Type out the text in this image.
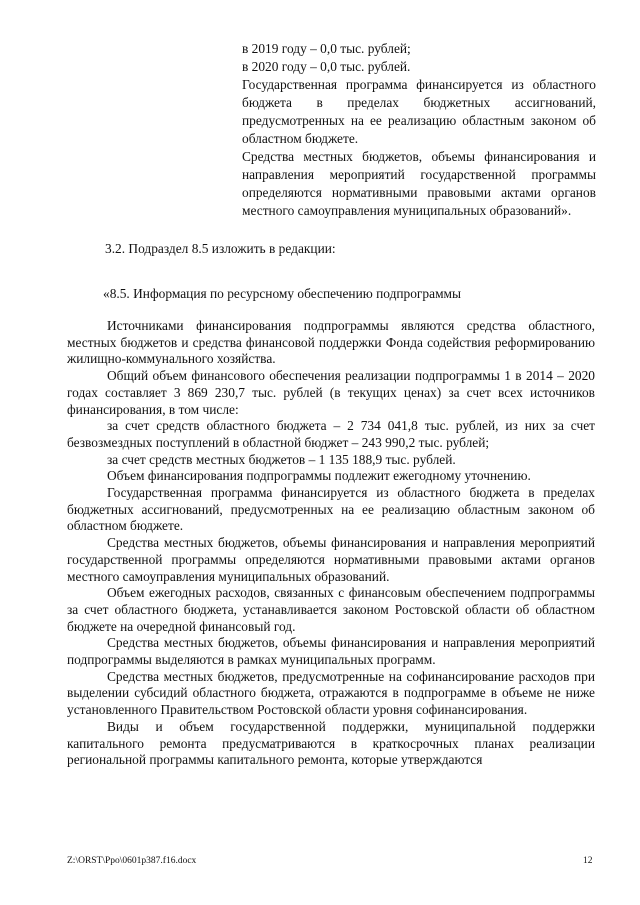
в 2019 году – 0,0 тыс. рублей;

в 2020 году – 0,0 тыс. рублей.

Государственная программа финансируется из областного бюджета в пределах бюджетных ассигнований, предусмотренных на ее реализацию областным законом об областном бюджете.

Средства местных бюджетов, объемы финансирования и направления мероприятий государственной программы определяются нормативными правовыми актами органов местного самоуправления муниципальных образований».

3.2. Подраздел 8.5 изложить в редакции:
«8.5. Информация по ресурсному обеспечению подпрограммы

Источниками финансирования подпрограммы являются средства областного, местных бюджетов и средства финансовой поддержки Фонда содействия реформированию жилищно-коммунального хозяйства.

Общий объем финансового обеспечения реализации подпрограммы 1 в 2014 – 2020 годах составляет 3 869 230,7 тыс. рублей (в текущих ценах) за счет всех источников финансирования, в том числе:

за счет средств областного бюджета – 2 734 041,8 тыс. рублей, из них за счет безвозмездных поступлений в областной бюджет – 243 990,2 тыс. рублей;

за счет средств местных бюджетов – 1 135 188,9 тыс. рублей.

Объем финансирования подпрограммы подлежит ежегодному уточнению.

Государственная программа финансируется из областного бюджета в пределах бюджетных ассигнований, предусмотренных на ее реализацию областным законом об областном бюджете.

Средства местных бюджетов, объемы финансирования и направления мероприятий государственной программы определяются нормативными правовыми актами органов местного самоуправления муниципальных образований.

Объем ежегодных расходов, связанных с финансовым обеспечением подпрограммы за счет областного бюджета, устанавливается законом Ростовской области об областном бюджете на очередной финансовый год.

Средства местных бюджетов, объемы финансирования и направления мероприятий подпрограммы выделяются в рамках муниципальных программ.

Средства местных бюджетов, предусмотренные на софинансирование расходов при выделении субсидий областного бюджета, отражаются в подпрограмме в объеме не ниже установленного Правительством Ростовской области уровня софинансирования.

Виды и объем государственной поддержки, муниципальной поддержки капитального ремонта предусматриваются в краткосрочных планах реализации региональной программы капитального ремонта, которые утверждаются

Z:\ORST\Ppo\0601p387.f16.docx	12
